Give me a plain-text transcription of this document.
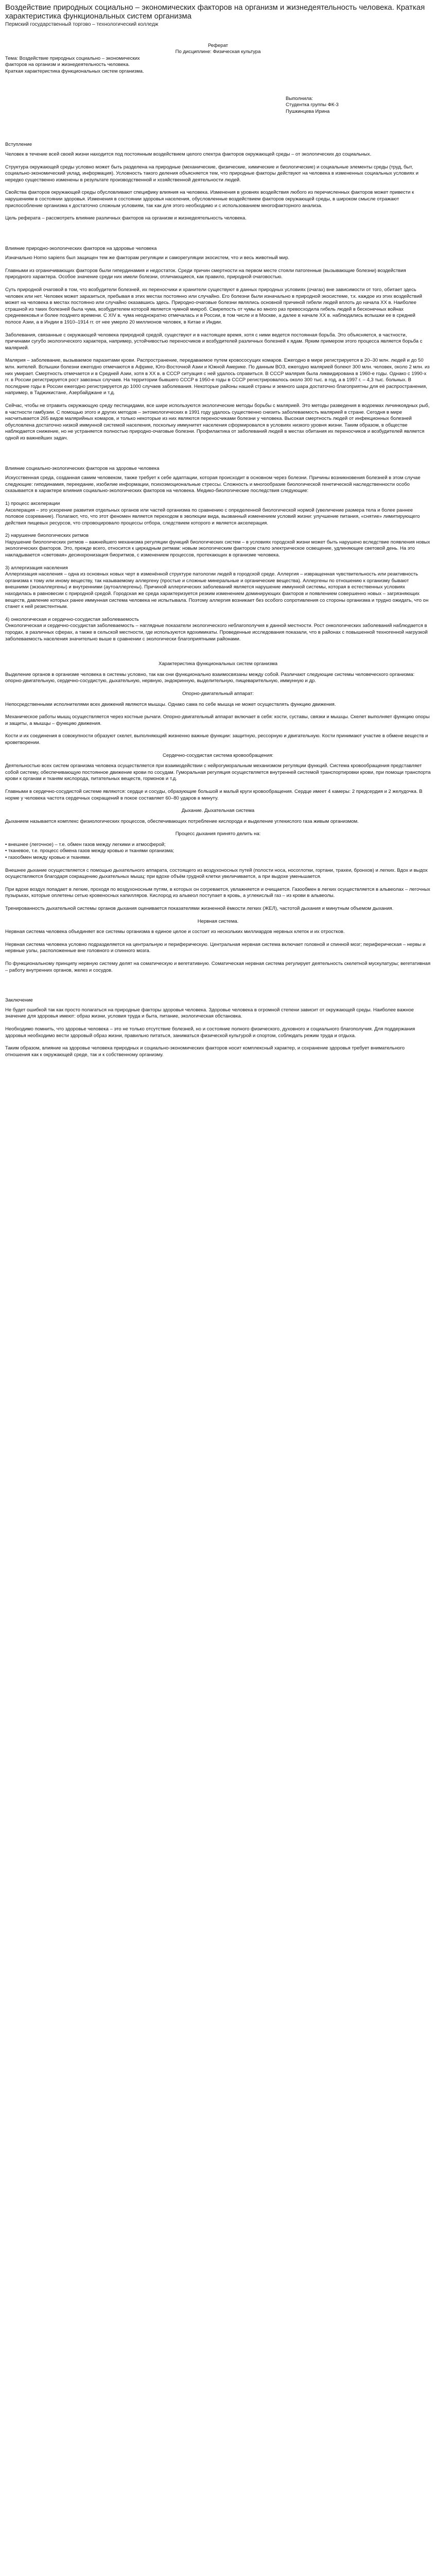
Воздействие природных социально – экономических факторов на организм и жизнедеятельность человека. Краткая характеристика функциональных систем организма

Пермский государственный торгово – технологический колледж

Реферат

По дисциплине: Физическая культура

Тема: Воздействие природных социально – экономических

факторов на организм и жизнедеятельность человека.

Краткая характеристика функциональных систем организма.

Выполнила:

Студентка группы ФК-3

Пушкинцева Ирина

Вступление

Человек в течение всей своей жизни находится под постоянным воздействием целого спектра факторов окружающей среды – от экологических до социальных.

Структура окружающей среды условно может быть разделена на природные (механические, физические, химические и биологические) и социальные элементы среды (труд, быт, социально-экономический уклад, информация). Условность такого деления объясняется тем, что природные факторы действуют на человека в измененных социальных условиях и нередко существенно изменены в результате производственной и хозяйственной деятельности людей.

Свойства факторов окружающей среды обусловливают специфику влияния на человека. Изменения в уровнях воздействия любого из перечисленных факторов может привести к нарушениям в состоянии здоровья. Изменения в состоянии здоровья населения, обусловленные воздействием факторов окружающей среды, в широком смысле отражают приспособление организма к достаточно сложным условиям, так как для этого необходимо и с использованием многофакторного анализа.

Цель реферата – рассмотреть влияние различных факторов на организм и жизнедеятельность человека.

Влияние природно-экологических факторов на здоровье человека

Изначально Homo sapiens был защищен тем же факторам регуляции и саморегуляции экосистем, что и весь животный мир.

Главными из ограничивающих факторов были гипердинамия и недостаток. Среди причин смертности на первом месте стояли патогенные (вызывающие болезни) воздействия природного характера. Особое значение среди них имели болезни, отличающиеся, как правило, природной очаговостью.

Суть природной очаговой в том, что возбудители болезней, их переносчики и хранители существуют в данных природных условиях (очагах) вне зависимости от того, обитает здесь человек или нет. Человек может заразиться, пребывая в этих местах постоянно или случайно. Его болезни были изначально в природной экосистеме, т.к. каждое из этих воздействий может на человека в местах постоянно или случайно оказавшись здесь. Природно-очаговые болезни являлись основной причиной гибели людей вплоть до начала XX в. Наиболее страшной из таких болезней была чума, возбудителем которой является чумной микроб. Свирепость от чумы во много раз превосходила гибель людей в бесконечных войнах средневековья и более позднего времени. С XIV в. чума неоднократно отмечалась и в России, в том числе и в Москве, а далее в начале XX в. наблюдались вспышки ее в средней полосе Азии, а в Индии в 1910–1914 гг. от нее умерло 20 миллионов человек, в Китае и Индии.

Заболевания, связанные с окружающей человека природной средой, существуют и в настоящее время, хотя с ними ведется постоянная борьба. Это объясняется, в частности, причинами сугубо экологического характера, например, устойчивостью переносчиков и возбудителей различных болезней к ядам. Ярким примером этого процесса является борьба с малярией.

Малярия – заболевание, вызываемое паразитами крови. Распространение, передаваемое путем кровососущих комаров. Ежегодно в мире регистрируется в 20–30 млн. людей и до 50 млн. жителей. Вспышки болезни ежегодно отмечаются в Африке, Юго-Восточной Азии и Южной Америке. По данным ВОЗ, ежегодно малярией болеют 300 млн. человек, около 2 млн. из них умирает. Смертность отмечается и в Средней Азии, хотя в ХХ в. в СССР ситуация с ней удалось справиться. В СССР малярия была ликвидирована в 1960-е годы. Однако с 1990-х гг. в России регистрируется рост завозных случаев. На территории бывшего СССР в 1950-е годы в СССР регистрировалось около 300 тыс. в год, а в 1997 г. – 4,3 тыс. больных. В последние годы в России ежегодно регистрируется до 1000 случаев заболевания. Некоторые районы нашей страны и земного шара достаточно благоприятны для её распространения, например, в Таджикистане, Азербайджане и т.д.

Сейчас, чтобы не отравить окружающую среду пестицидами, все шире используются экологические методы борьбы с малярией. Это методы разведения в водоемах личинкоядных рыб, в частности гамбузии. С помощью этого и других методов – энтомологических в 1991 году удалось существенно снизить заболеваемость малярией в стране. Сегодня в мире насчитывается 265 видов малярийных комаров, и только некоторые из них являются переносчиками болезни у человека. Высокая смертность людей от инфекционных болезней обусловлена достаточно низкой иммунной системой населения, поскольку иммунитет населения сформировался в условиях низкого уровня жизни. Таким образом, в обществе наблюдается снижение, но не устраняется полностью природно-очаговые болезни. Профилактика от заболеваний людей в местах обитания их переносчиков и возбудителей является одной из важнейших задач.

Влияние социально-экологических факторов на здоровье человека

Искусственная среда, созданная самим человеком, также требует к себе адаптации, которая происходит в основном через болезни. Причины возникновения болезней в этом случае следующие: гиподинамия, переедание, изобилие информации, психоэмоциональные стрессы. Сложность и многообразие биологической генетической наследственности особо сказывается в характере влияния социально-экологических факторов на человека. Медико-биологические последствия следующие:

1) процесс акселерации

Акселерация – это ускорение развития отдельных органов или частей организма по сравнению с определенной биологической нормой (увеличение размера тела и более раннее половое созревание). Полагают, что, что этот феномен является переходом в эволюции вида, вызванный изменением условий жизни: улучшение питания, «снятие» лимитирующего действия пищевых ресурсов, что спровоцировало процессы отбора, следствием которого и является акселерация.

2) нарушение биологических ритмов

Нарушение биологических ритмов – важнейшего механизма регуляции функций биологических систем – в условиях городской жизни может быть нарушено вследствие появления новых экологических факторов. Это, прежде всего, относится к циркадным ритмам: новым экологическим фактором стало электрическое освещение, удлиняющее световой день. На это накладывается «световая» десинхронизация биоритмов, с изменением процессов, протекающих в организме человека.

3) аллергизация населения

Аллергизация населения – одна из основных новых черт в изменённой структуре патологии людей в городской среде. Аллергия – извращенная чувствительность или реактивность организма к тому или иному веществу, так называемому аллергену (простые и сложные минеральные и органические вещества). Аллергены по отношению к организму бывают внешними (экзоаллергены) и внутренними (аутоаллергены). Причиной аллергических заболеваний является нарушение иммунной системы, которая в естественных условиях находилась в равновесии с природной средой. Городская же среда характеризуется резким изменением доминирующих факторов и появлением совершенно новых – загрязняющих веществ, давление которых ранее иммунная система человека не испытывала. Поэтому аллергия возникает без особого сопротивления со стороны организма и трудно ожидать, что он станет к ней резистентным.

4) онкологическая и сердечно-сосудистая заболеваемость

Онкологическая и сердечно-сосудистая заболеваемость – наглядные показатели экологического неблагополучия в данной местности. Рост онкологических заболеваний наблюдается в городах, в различных сферах, а также в сельской местности, где используются ядохимикаты. Проведенные исследования показали, что в районах с повышенной техногенной нагрузкой заболеваемость населения значительно выше в сравнении с экологически благоприятными районами.

Характеристика функциональных систем организма

Выделение органов в организме человека в системы условно, так как они функционально взаимосвязаны между собой. Различают следующие системы человеческого организма: опорно-двигательную, сердечно-сосудистую, дыхательную, нервную, эндокринную, выделительную, пищеварительную, иммунную и др.

Опорно-двигательный аппарат:

Непосредственными исполнителями всех движений являются мышцы. Однако сама по себе мышца не может осуществлять функцию движения.

Механическое работы мышц осуществляется через костные рычаги. Опорно-двигательный аппарат включает в себя: кости, суставы, связки и мышцы. Скелет выполняет функцию опоры и защиты, а мышцы – функцию движения.

Кости и их соединения в совокупности образуют скелет, выполняющий жизненно важные функции: защитную, рессорную и двигательную. Кости принимают участие в обмене веществ и кроветворении.

Сердечно-сосудистая система кровообращения:

Деятельностью всех систем организма человека осуществляется при взаимодействии с нейрогуморальным механизмом регуляции функций. Система кровообращения представляет собой систему, обеспечивающую постоянное движение крови по сосудам. Гуморальная регуляция осуществляется внутренней системой транспортировки крови, при помощи транспорта крови к органам и тканям кислорода, питательных веществ, гормонов и т.д.

Главными в сердечно-сосудистой системе являются: сердце и сосуды, образующие большой и малый круги кровообращения. Сердце имеет 4 камеры: 2 предсердия и 2 желудочка. В норме у человека частота сердечных сокращений в покое составляет 60–80 ударов в минуту.

Дыхание. Дыхательная система

Дыханием называется комплекс физиологических процессов, обеспечивающих потребление кислорода и выделение углекислого газа живым организмом.

Процесс дыхания принято делить на:

• внешнее (легочное) – т.е. обмен газов между легкими и атмосферой;

• тканевое, т.е. процесс обмена газов между кровью и тканями организма;

• газообмен между кровью и тканями.

Внешнее дыхание осуществляется с помощью дыхательного аппарата, состоящего из воздухоносных путей (полости носа, носоглотки, гортани, трахеи, бронхов) и легких. Вдох и выдох осуществляются благодаря сокращению дыхательных мышц: при вдохе объём грудной клетки увеличивается, а при выдохе уменьшается.

При вдохе воздух попадает в легкие, проходя по воздухоносным путям, в которых он согревается, увлажняется и очищается. Газообмен в легких осуществляется в альвеолах – легочных пузырьках, которые оплетены сетью кровеносных капилляров. Кислород из альвеол поступает в кровь, а углекислый газ – из крови в альвеолы.

Тренированность дыхательной системы органов дыхания оценивается показателями жизненной ёмкости легких (ЖЕЛ), частотой дыхания и минутным объемом дыхания.

Нервная система.

Нервная система человека объединяет все системы организма в единое целое и состоит из нескольких миллиардов нервных клеток и их отростков.

Нервная система человека условно подразделяется на центральную и периферическую. Центральная нервная система включает головной и спинной мозг; периферическая – нервы и нервные узлы, расположенные вне головного и спинного мозга.

По функциональному принципу нервную систему делят на соматическую и вегетативную. Соматическая нервная система регулирует деятельность скелетной мускулатуры; вегетативная – работу внутренних органов, желез и сосудов.

Заключение

Не будет ошибкой так как просто полагаться на природные факторы здоровья человека. Здоровье человека в огромной степени зависит от окружающей среды. Наиболее важное значение для здоровья имеют: образ жизни, условия труда и быта, питание, экологическая обстановка.

Необходимо помнить, что здоровье человека – это не только отсутствие болезней, но и состояние полного физического, духовного и социального благополучия. Для поддержания здоровья необходимо вести здоровый образ жизни, правильно питаться, заниматься физической культурой и спортом, соблюдать режим труда и отдыха.

Таким образом, влияние на здоровье человека природных и социально-экономических факторов носит комплексный характер, и сохранение здоровья требует внимательного отношения как к окружающей среде, так и к собственному организму.
